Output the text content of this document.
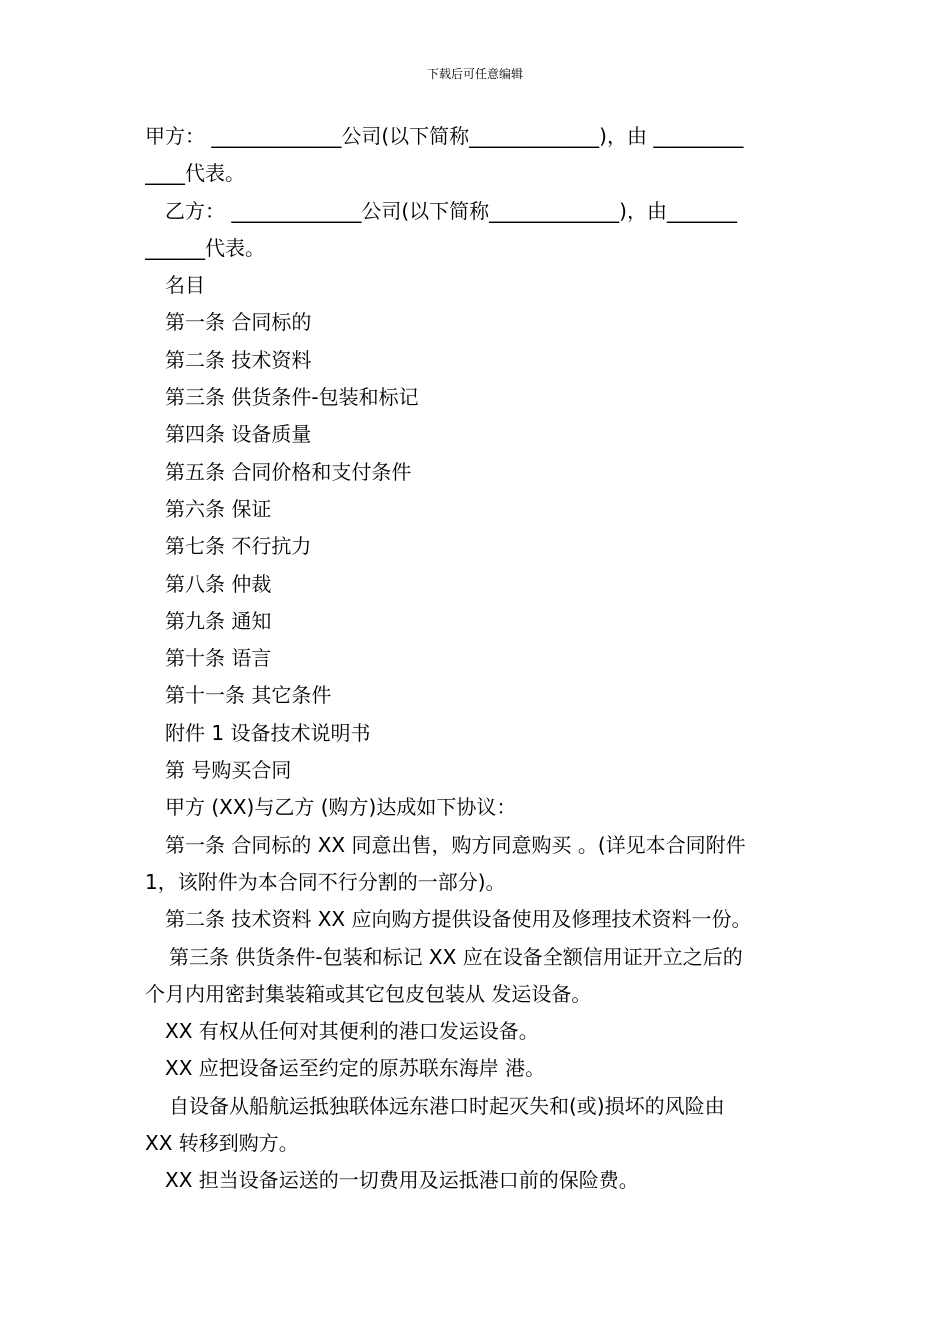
下载后可任意编辑
甲方： _____________公司(以下简称_____________)，由 _________
____代表。
乙方： _____________公司(以下简称_____________)，由_______
______代表。
名目
第一条 合同标的
第二条 技术资料
第三条 供货条件-包装和标记
第四条 设备质量
第五条 合同价格和支付条件
第六条 保证
第七条 不行抗力
第八条 仲裁
第九条 通知
第十条 语言
第十一条 其它条件
附件 1 设备技术说明书
第 号购买合同
甲方 (XX)与乙方 (购方)达成如下协议：
第一条 合同标的 XX 同意出售，购方同意购买 。(详见本合同附件
1，该附件为本合同不行分割的一部分)。
第二条 技术资料 XX 应向购方提供设备使用及修理技术资料一份。
第三条 供货条件-包装和标记 XX 应在设备全额信用证开立之后的
个月内用密封集装箱或其它包皮包装从 发运设备。
XX 有权从任何对其便利的港口发运设备。
XX 应把设备运至约定的原苏联东海岸 港。
自设备从船航运抵独联体远东港口时起灭失和(或)损坏的风险由
XX 转移到购方。
XX 担当设备运送的一切费用及运抵港口前的保险费。
